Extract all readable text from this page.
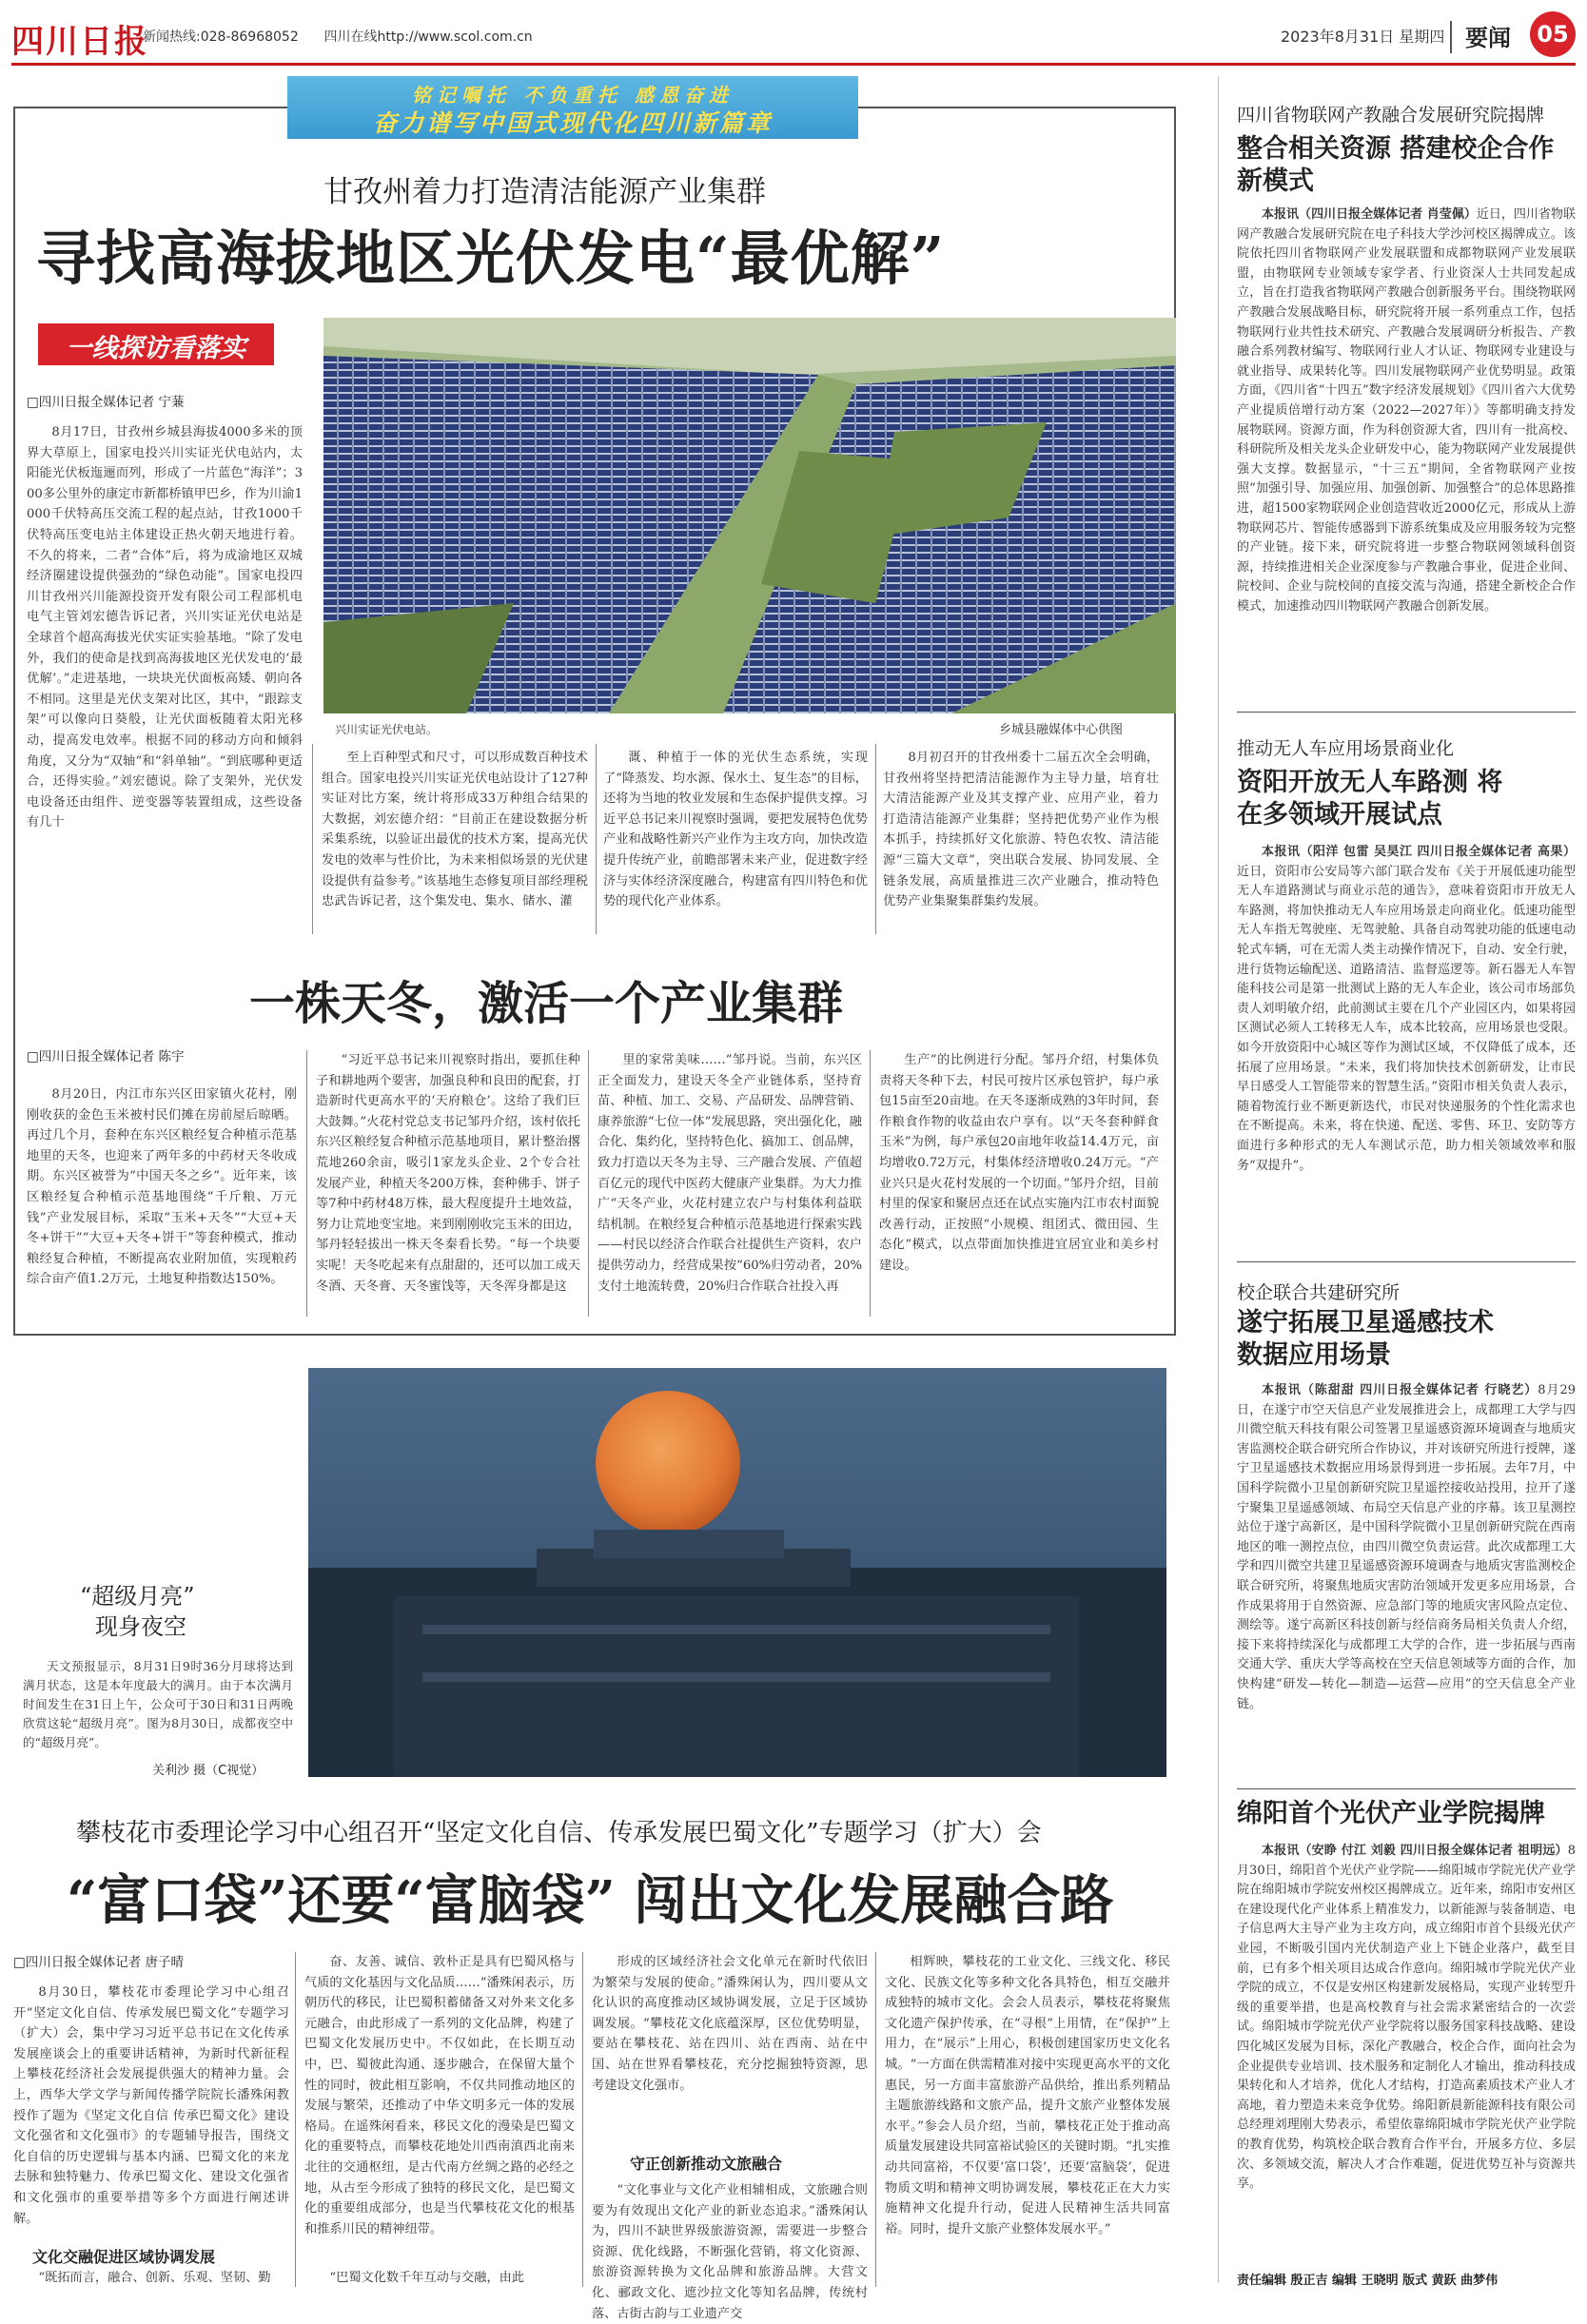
四川日报
新闻热线:028-86968052 四川在线http://www.scol.com.cn	2023年8月31日 星期四 要闻	05
铭记嘱托 不负重托 感恩奋进
奋力谱写中国式现代化四川新篇章
甘孜州着力打造清洁能源产业集群
寻找高海拔地区光伏发电“最优解”
一线探访看落实
兴川实证光伏电站。	乡城县融媒体中心供图
□四川日报全媒体记者 宁蒹

8月17日，甘孜州乡城县海拔4000多米的顶界大草原上，国家电投兴川实证光伏电站内，太阳能光伏板迤逦而列，形成了一片蓝色“海洋”；300多公里外的康定市新都桥镇甲巴乡，作为川渝1000千伏特高压交流工程的起点站，甘孜1000千伏特高压变电站主体建设正热火朝天地进行着。不久的将来，二者“合体”后，将为成渝地区双城经济圈建设提供强劲的“绿色动能”。国家电投四川甘孜州兴川能源投资开发有限公司工程部机电电气主管刘宏德告诉记者，兴川实证光伏电站是全球首个超高海拔光伏实证实验基地。“除了发电外，我们的使命是找到高海拔地区光伏发电的‘最优解’。”走进基地，一块块光伏面板高矮、朝向各不相同。这里是光伏支架对比区，其中，“跟踪支架”可以像向日葵般，让光伏面板随着太阳光移动，提高发电效率。根据不同的移动方向和倾斜角度，又分为“双轴”和“斜单轴”。“到底哪种更适合，还得实验。”刘宏德说。除了支架外，光伏发电设备还由组件、逆变器等装置组成，这些设备有几十

至上百种型式和尺寸，可以形成数百种技术组合。国家电投兴川实证光伏电站设计了127种实证对比方案，统计将形成33万种组合结果的大数据，刘宏德介绍：“目前正在建设数据分析采集系统，以验证出最优的技术方案，提高光伏发电的效率与性价比，为未来相似场景的光伏建设提供有益参考。”该基地生态修复项目部经理税忠武告诉记者，这个集发电、集水、储水、灌

溉、种植于一体的光伏生态系统，实现了“降蒸发、均水源、保水土、复生态”的目标，还将为当地的牧业发展和生态保护提供支撑。习近平总书记来川视察时强调，要把发展特色优势产业和战略性新兴产业作为主攻方向，加快改造提升传统产业，前瞻部署未来产业，促进数字经济与实体经济深度融合，构建富有四川特色和优势的现代化产业体系。

8月初召开的甘孜州委十二届五次全会明确，甘孜州将坚持把清洁能源作为主导力量，培育壮大清洁能源产业及其支撑产业、应用产业，着力打造清洁能源产业集群；坚持把优势产业作为根本抓手，持续抓好文化旅游、特色农牧、清洁能源“三篇大文章”，突出联合发展、协同发展、全链条发展，高质量推进三次产业融合，推动特色优势产业集聚集群集约发展。

一株天冬，激活一个产业集群
□四川日报全媒体记者 陈宇

8月20日，内江市东兴区田家镇火花村，刚刚收获的金色玉米被村民们摊在房前屋后晾晒。再过几个月，套种在东兴区粮经复合种植示范基地里的天冬，也迎来了两年多的中药材天冬收成期。东兴区被誉为“中国天冬之乡”。近年来，该区粮经复合种植示范基地围绕“千斤粮、万元钱”产业发展目标，采取“玉米+天冬”“大豆+天冬+饼干”“大豆+天冬+饼干”等套种模式，推动粮经复合种植，不断提高农业附加值，实现粮药综合亩产值1.2万元，土地复种指数达150%。

“习近平总书记来川视察时指出，要抓住种子和耕地两个要害，加强良种和良田的配套，打造新时代更高水平的‘天府粮仓’。这给了我们巨大鼓舞。”火花村党总支书记邹丹介绍，该村依托东兴区粮经复合种植示范基地项目，累计整治撂荒地260余亩，吸引1家龙头企业、2个专合社发展产业，种植天冬200万株，套种佛手、饼子等7种中药材48万株，最大程度提升土地效益，努力让荒地变宝地。来到刚刚收完玉米的田边，邹丹轻轻拔出一株天冬秦看长势。“每一个块要实呢！天冬吃起来有点甜甜的，还可以加工成天冬酒、天冬膏、天冬蜜饯等，天冬浑身都是这

里的家常美味……”邹丹说。当前，东兴区正全面发力，建设天冬全产业链体系，坚持育苗、种植、加工、交易、产品研发、品牌营销、康养旅游“七位一体”发展思路，突出强化化，融合化、集约化，坚持特色化、搞加工、创品牌，致力打造以天冬为主导、三产融合发展、产值超百亿元的现代中医药大健康产业集群。为大力推广“天冬产业，火花村建立农户与村集体利益联结机制。在粮经复合种植示范基地进行探索实践——村民以经济合作联合社提供生产资料，农户提供劳动力，经营成果按“60%归劳动者，20%支付土地流转费，20%归合作联合社投入再

生产”的比例进行分配。邹丹介绍，村集体负责将天冬种下去，村民可按片区承包管护，每户承包15亩至20亩地。在天冬逐渐成熟的3年时间，套作粮食作物的收益由农户享有。以“天冬套种鲜食玉米”为例，每户承包20亩地年收益14.4万元，亩均增收0.72万元，村集体经济增收0.24万元。“产业兴只是火花村发展的一个切面。”邹丹介绍，目前村里的保家和聚居点还在试点实施内江市农村面貌改善行动，正按照“小规模、组团式、微田园、生态化”模式，以点带面加快推进宜居宜业和美乡村建设。

“超级月亮”
现身夜空

天文预报显示，8月31日9时36分月球将达到满月状态，这是本年度最大的满月。由于本次满月时间发生在31日上午，公众可于30日和31日两晚欣赏这轮“超级月亮”。图为8月30日，成都夜空中的“超级月亮”。

关利沙 摄（C视觉）
攀枝花市委理论学习中心组召开“坚定文化自信、传承发展巴蜀文化”专题学习（扩大）会
“富口袋”还要“富脑袋” 闯出文化发展融合路
□四川日报全媒体记者 唐子晴

8月30日，攀枝花市委理论学习中心组召开“坚定文化自信、传承发展巴蜀文化”专题学习（扩大）会，集中学习习近平总书记在文化传承发展座谈会上的重要讲话精神，为新时代新征程上攀枝花经济社会发展提供强大的精神力量。会上，西华大学文学与新闻传播学院院长潘殊闲教授作了题为《坚定文化自信 传承巴蜀文化》建设文化强省和文化强市》的专题辅导报告，围绕文化自信的历史逻辑与基本内涵、巴蜀文化的来龙去脉和独特魅力、传承巴蜀文化、建设文化强省和文化强市的重要举措等多个方面进行阐述讲解。

文化交融促进区域协调发展

“既拓而言，融合、创新、乐观、坚韧、勤

奋、友善、诚信、敦朴正是具有巴蜀风格与气质的文化基因与文化品质……”潘殊闲表示，历朝历代的移民，让巴蜀积蓄储备又对外来文化多元融合，由此形成了一系列的文化品牌，构建了巴蜀文化发展历史中。不仅如此，在长期互动中，巴、蜀彼此沟通、逐步融合，在保留大量个性的同时，彼此相互影响，不仅共同推动地区的发展与繁荣，还推动了中华文明多元一体的发展格局。在遥殊闲看来，移民文化的漫染是巴蜀文化的重要特点，而攀枝花地处川西南滇西北南来北往的交通枢纽，是古代南方丝绸之路的必经之地，从古至今形成了独特的移民文化，是巴蜀文化的重要组成部分，也是当代攀枝花文化的根基和推系川民的精神纽带。

“巴蜀文化数千年互动与交融，由此

形成的区域经济社会文化单元在新时代依旧为繁荣与发展的使命。”潘殊闲认为，四川要从文化认识的高度推动区域协调发展，立足于区域协调发展。“攀枝花文化底蕴深厚，区位优势明显，要站在攀枝花、站在四川、站在西南、站在中国、站在世界看攀枝花，充分挖掘独特资源，思考建设文化强市。

守正创新推动文旅融合

“文化事业与文化产业相辅相成，文旅融合则要为有效现出文化产业的新业态追求。”潘殊闲认为，四川不缺世界级旅游资源，需要进一步整合资源、优化线路，不断强化营销，将文化资源、旅游资源转换为文化品牌和旅游品牌。大营文化、郦政文化、遮沙拉文化等知名品牌，传统村落、古街古韵与工业遗产交

相辉映，攀枝花的工业文化、三线文化、移民文化、民族文化等多种文化各具特色，相互交融并成独特的城市文化。会会人员表示，攀枝花将聚焦文化遗产保护传承，在“寻根”上用情，在“保护”上用力，在“展示”上用心，积极创建国家历史文化名城。“一方面在供需精准对接中实现更高水平的文化惠民，另一方面丰富旅游产品供给，推出系列精品主题旅游线路和文旅产品，提升文旅产业整体发展水平。”参会人员介绍，当前，攀枝花正处于推动高质量发展建设共同富裕试验区的关键时期。“扎实推动共同富裕，不仅要‘富口袋’，还要‘富脑袋’，促进物质文明和精神文明协调发展，攀枝花正在大力实施精神文化提升行动，促进人民精神生活共同富裕。同时，提升文旅产业整体发展水平。”

四川省物联网产教融合发展研究院揭牌
整合相关资源 搭建校企合作新模式

本报讯（四川日报全媒体记者 肖莹佩）近日，四川省物联网产教融合发展研究院在电子科技大学沙河校区揭牌成立。该院依托四川省物联网产业发展联盟和成都物联网产业发展联盟，由物联网专业领域专家学者、行业资深人士共同发起成立，旨在打造我省物联网产教融合创新服务平台。围绕物联网产教融合发展战略目标，研究院将开展一系列重点工作，包括物联网行业共性技术研究、产教融合发展调研分析报告、产教融合系列教材编写、物联网行业人才认证、物联网专业建设与就业指导、成果转化等。四川发展物联网产业优势明显。政策方面，《四川省“十四五”数字经济发展规划》《四川省六大优势产业提质倍增行动方案（2022—2027年）》等都明确支持发展物联网。资源方面，作为科创资源大省，四川有一批高校、科研院所及相关龙头企业研发中心，能为物联网产业发展提供强大支撑。数据显示，“十三五”期间，全省物联网产业按照“加强引导、加强应用、加强创新、加强整合”的总体思路推进，超1500家物联网企业创造营收近2000亿元，形成从上游物联网芯片、智能传感器到下游系统集成及应用服务较为完整的产业链。接下来，研究院将进一步整合物联网领域科创资源，持续推进相关企业深度参与产教融合事业，促进企业间、院校间、企业与院校间的直接交流与沟通，搭建全新校企合作模式，加速推动四川物联网产教融合创新发展。

推动无人车应用场景商业化
资阳开放无人车路测 将在多领域开展试点

本报讯（阳洋 包雷 吴昊江 四川日报全媒体记者 高果）近日，资阳市公安局等六部门联合发布《关于开展低速功能型无人车道路测试与商业示范的通告》，意味着资阳市开放无人车路测，将加快推动无人车应用场景走向商业化。低速功能型无人车指无驾驶座、无驾驶舱、具备自动驾驶功能的低速电动轮式车辆，可在无需人类主动操作情况下，自动、安全行驶，进行货物运输配送、道路清洁、监督巡逻等。新石器无人车智能科技公司是第一批测试上路的无人车企业，该公司市场部负责人刘明敏介绍，此前测试主要在几个产业园区内，如果将园区测试必须人工转移无人车，成本比较高，应用场景也受限。如今开放资阳中心城区等作为测试区域，不仅降低了成本，还拓展了应用场景。“未来，我们将加快技术创新研发，让市民早日感受人工智能带来的智慧生活。”资阳市相关负责人表示，随着物流行业不断更新迭代，市民对快递服务的个性化需求也在不断提高。未来，将在快递、配送、零售、环卫、安防等方面进行多种形式的无人车测试示范，助力相关领域效率和服务“双提升”。

校企联合共建研究所
遂宁拓展卫星遥感技术 数据应用场景

本报讯（陈甜甜 四川日报全媒体记者 行晓艺）8月29日，在遂宁市空天信息产业发展推进会上，成都理工大学与四川微空航天科技有限公司签署卫星遥感资源环境调查与地质灾害监测校企联合研究所合作协议，并对该研究所进行授牌，遂宁卫星遥感技术数据应用场景得到进一步拓展。去年7月，中国科学院微小卫星创新研究院卫星遥控接收站投用，拉开了遂宁聚集卫星遥感领域、布局空天信息产业的序幕。该卫星测控站位于遂宁高新区，是中国科学院微小卫星创新研究院在西南地区的唯一测控点位，由四川微空负责运营。此次成都理工大学和四川微空共建卫星遥感资源环境调查与地质灾害监测校企联合研究所，将聚焦地质灾害防治领域开发更多应用场景，合作成果将用于自然资源、应急部门等的地质灾害风险点定位、测绘等。遂宁高新区科技创新与经信商务局相关负责人介绍，接下来将持续深化与成都理工大学的合作，进一步拓展与西南交通大学、重庆大学等高校在空天信息领域等方面的合作，加快构建“研发—转化—制造—运营—应用”的空天信息全产业链。

绵阳首个光伏产业学院揭牌

本报讯（安睁 付江 刘毅 四川日报全媒体记者 祖明远）8月30日，绵阳首个光伏产业学院——绵阳城市学院光伏产业学院在绵阳城市学院安州校区揭牌成立。近年来，绵阳市安州区在建设现代化产业体系上精准发力，以新能源与装备制造、电子信息两大主导产业为主攻方向，成立绵阳市首个县级光伏产业园，不断吸引国内光伏制造产业上下链企业落户，截至目前，已有多个相关项目达成合作意向。绵阳城市学院光伏产业学院的成立，不仅是安州区构建新发展格局，实现产业转型升级的重要举措，也是高校教育与社会需求紧密结合的一次尝试。绵阳城市学院光伏产业学院将以服务国家科技战略、建设四化城区发展为目标，深化产教融合，校企合作，面向社会为企业提供专业培训、技术服务和定制化人才输出，推动科技成果转化和人才培养，优化人才结构，打造高素质技术产业人才高地，着力塑造未来竞争优势。绵阳新晨新能源科技有限公司总经理刘理刚大势表示，希望依靠绵阳城市学院光伏产业学院的教育优势，构筑校企联合教育合作平台，开展多方位、多层次、多领域交流，解决人才合作难题，促进优势互补与资源共享。

责任编辑 殷正吉 编辑 王晓明 版式 黄跃 曲梦伟
